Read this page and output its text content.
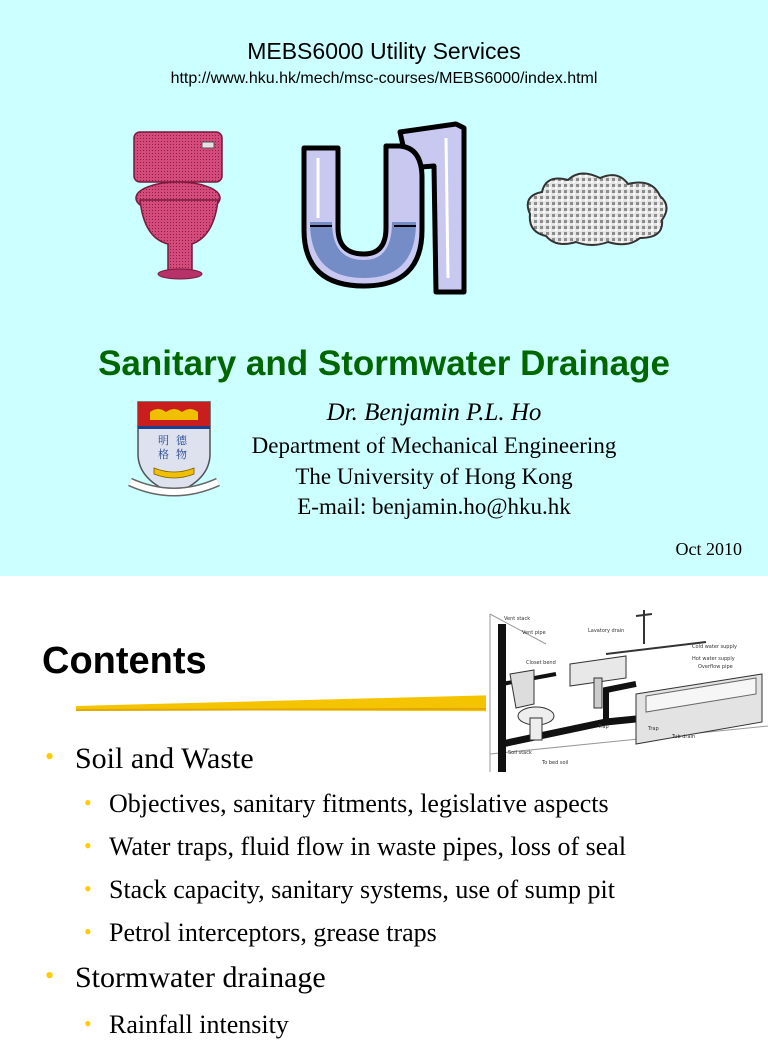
MEBS6000 Utility Services
http://www.hku.hk/mech/msc-courses/MEBS6000/index.html
Sanitary and Stormwater Drainage
明 德
格 物
Dr. Benjamin P.L. Ho
Department of Mechanical Engineering
The University of Hong Kong
E-mail: benjamin.ho@hku.hk
Oct 2010
Contents
Vent stack
Vent pipe	Lavatory drain
Cold water supply
Hot water supply
Overflow pipe
Closet bend
Trap	Trap
Tub drain
Soil stack
To bed soil
• Soil and Waste
• Objectives, sanitary fitments, legislative aspects
• Water traps, fluid flow in waste pipes, loss of seal
• Stack capacity, sanitary systems, use of sump pit
• Petrol interceptors, grease traps
• Stormwater drainage
• Rainfall intensity
